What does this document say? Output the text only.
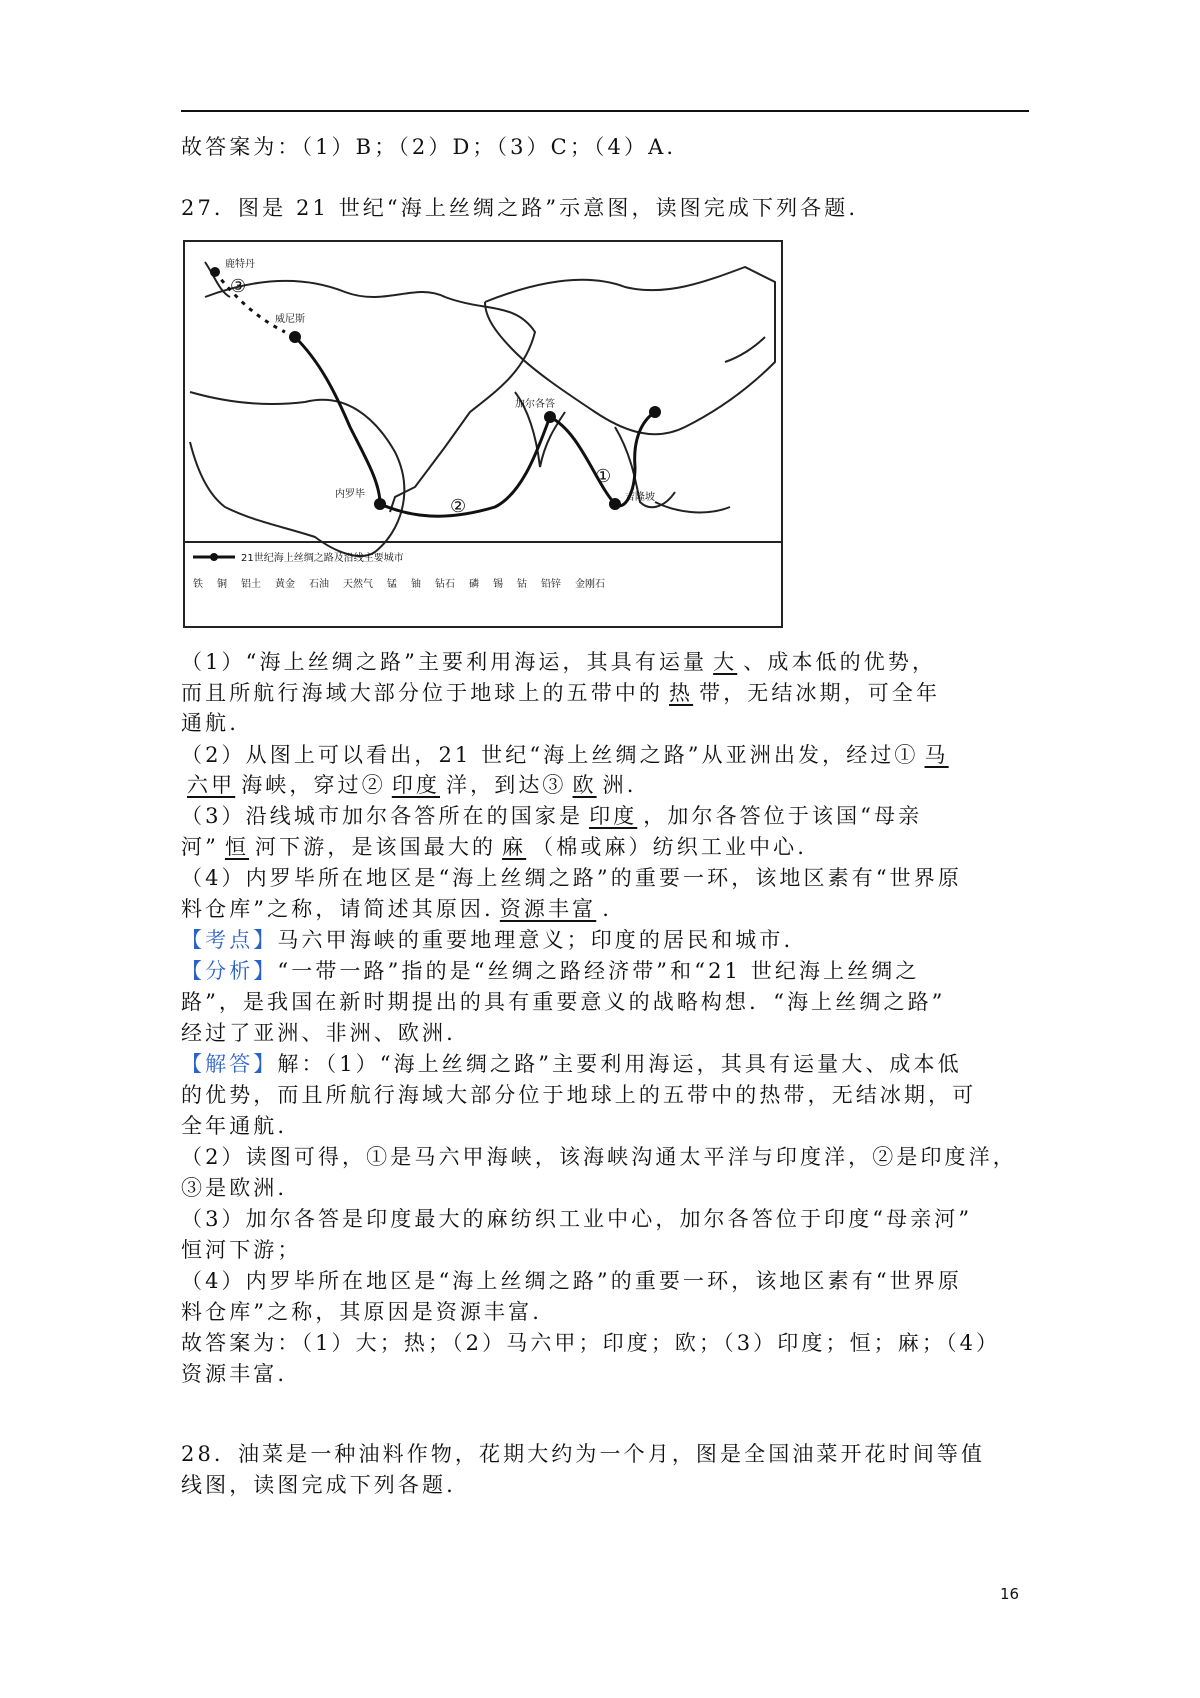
故答案为：（1）B；（2）D；（3）C；（4）A.
27．图是 21 世纪“海上丝绸之路”示意图，读图完成下列各题.
①
②
③
鹿特丹
威尼斯
加尔各答
内罗毕	吉隆坡
21世纪海上丝绸之路及沿线主要城市
铁 铜 铝土 黄金 石油 天然气 锰 铀 钻石 磷 锡 钴 铅锌 金刚石
（1）“海上丝绸之路”主要利用海运，其具有运量 大 、成本低的优势，
而且所航行海域大部分位于地球上的五带中的 热 带，无结冰期，可全年
通航.
（2）从图上可以看出，21 世纪“海上丝绸之路”从亚洲出发，经过① 马
六甲 海峡，穿过② 印度 洋，到达③ 欧 洲.
（3）沿线城市加尔各答所在的国家是 印度 ，加尔各答位于该国“母亲
河” 恒 河下游，是该国最大的 麻 （棉或麻）纺织工业中心.
（4）内罗毕所在地区是“海上丝绸之路”的重要一环，该地区素有“世界原
料仓库”之称，请简述其原因. 资源丰富 .
【考点】马六甲海峡的重要地理意义；印度的居民和城市.
【分析】“一带一路”指的是“丝绸之路经济带”和“21 世纪海上丝绸之
路”，是我国在新时期提出的具有重要意义的战略构想．“海上丝绸之路”
经过了亚洲、非洲、欧洲.
【解答】解：（1）“海上丝绸之路”主要利用海运，其具有运量大、成本低
的优势，而且所航行海域大部分位于地球上的五带中的热带，无结冰期，可
全年通航.
（2）读图可得，①是马六甲海峡，该海峡沟通太平洋与印度洋，②是印度洋，
③是欧洲.
（3）加尔各答是印度最大的麻纺织工业中心，加尔各答位于印度“母亲河”
恒河下游；
（4）内罗毕所在地区是“海上丝绸之路”的重要一环，该地区素有“世界原
料仓库”之称，其原因是资源丰富.
故答案为：（1）大；热；（2）马六甲；印度；欧；（3）印度；恒；麻；（4）
资源丰富.
28．油菜是一种油料作物，花期大约为一个月，图是全国油菜开花时间等值
线图，读图完成下列各题.
16
